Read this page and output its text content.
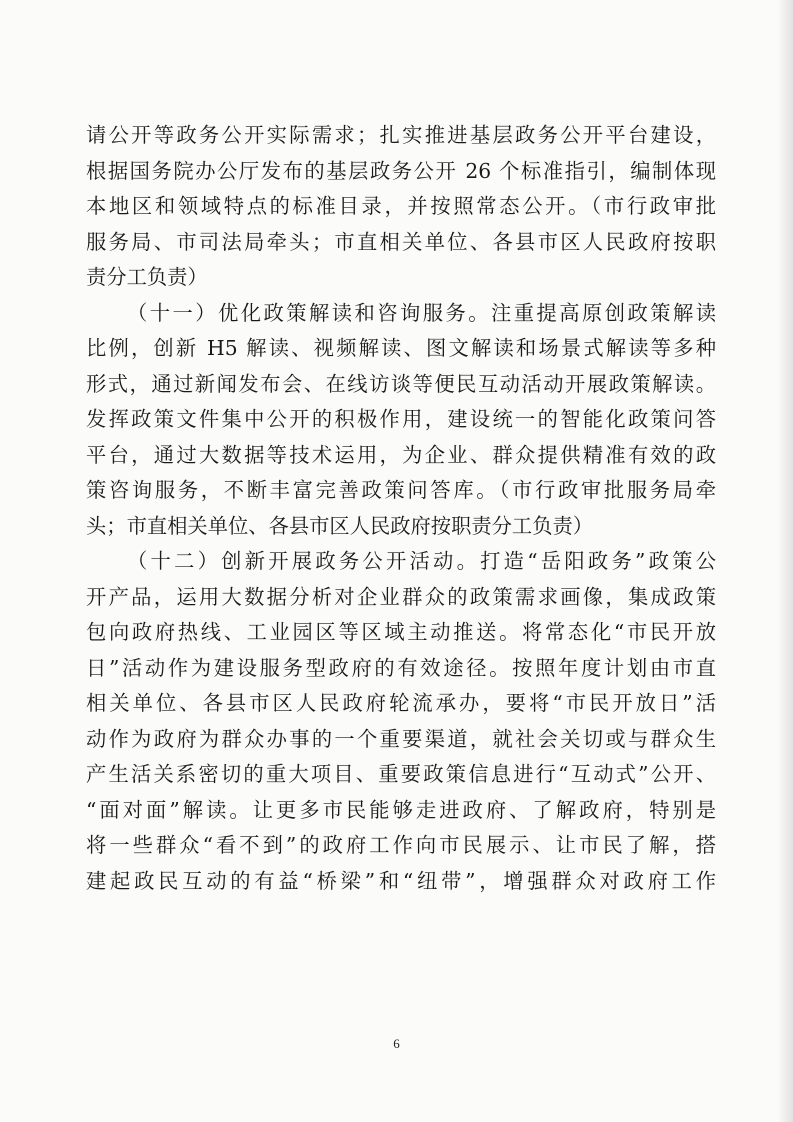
请公开等政务公开实际需求；扎实推进基层政务公开平台建设，
根据国务院办公厅发布的基层政务公开 26 个标准指引，编制体现
本地区和领域特点的标准目录，并按照常态公开。（市行政审批
服务局、市司法局牵头；市直相关单位、各县市区人民政府按职
责分工负责）
（十一）优化政策解读和咨询服务。注重提高原创政策解读
比例，创新 H5 解读、视频解读、图文解读和场景式解读等多种
形式，通过新闻发布会、在线访谈等便民互动活动开展政策解读。
发挥政策文件集中公开的积极作用，建设统一的智能化政策问答
平台，通过大数据等技术运用，为企业、群众提供精准有效的政
策咨询服务，不断丰富完善政策问答库。（市行政审批服务局牵
头；市直相关单位、各县市区人民政府按职责分工负责）
（十二）创新开展政务公开活动。打造“岳阳政务”政策公
开产品，运用大数据分析对企业群众的政策需求画像，集成政策
包向政府热线、工业园区等区域主动推送。将常态化“市民开放
日”活动作为建设服务型政府的有效途径。按照年度计划由市直
相关单位、各县市区人民政府轮流承办，要将“市民开放日”活
动作为政府为群众办事的一个重要渠道，就社会关切或与群众生
产生活关系密切的重大项目、重要政策信息进行“互动式”公开、
“面对面”解读。让更多市民能够走进政府、了解政府，特别是
将一些群众“看不到”的政府工作向市民展示、让市民了解，搭
建起政民互动的有益“桥梁”和“纽带”，增强群众对政府工作
6
